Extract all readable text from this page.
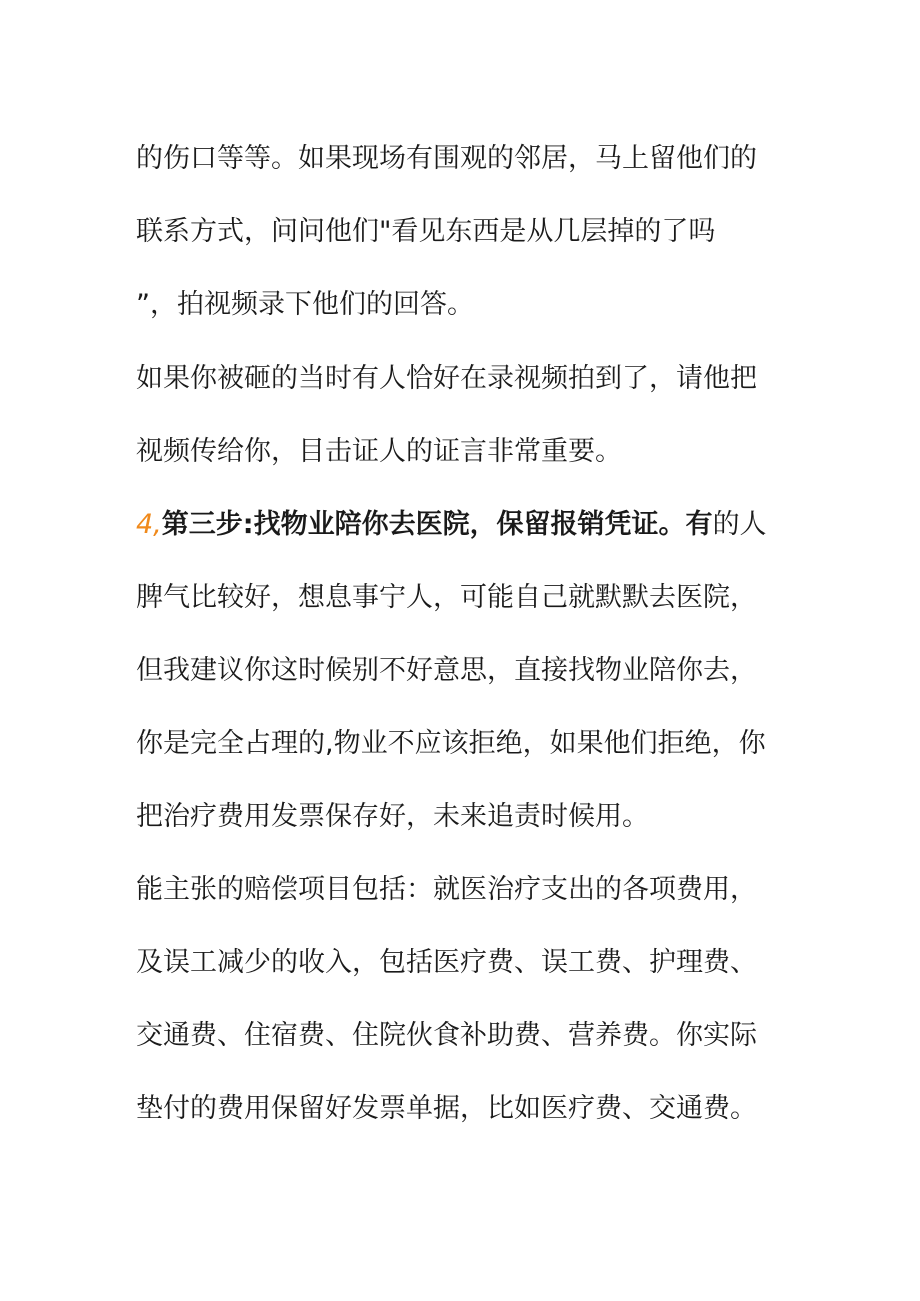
的伤口等等。如果现场有围观的邻居，马上留他们的
联系方式，问问他们"看见东西是从几层掉的了吗
”，拍视频录下他们的回答。
如果你被砸的当时有人恰好在录视频拍到了，请他把
视频传给你，目击证人的证言非常重要。
4,第三步:找物业陪你去医院，保留报销凭证。有的人
脾气比较好，想息事宁人，可能自己就默默去医院，
但我建议你这时候别不好意思，直接找物业陪你去，
你是完全占理的,物业不应该拒绝，如果他们拒绝，你
把治疗费用发票保存好，未来追责时候用。
能主张的赔偿项目包括：就医治疗支出的各项费用，
及误工减少的收入，包括医疗费、误工费、护理费、
交通费、住宿费、住院伙食补助费、营养费。你实际
垫付的费用保留好发票单据，比如医疗费、交通费。
